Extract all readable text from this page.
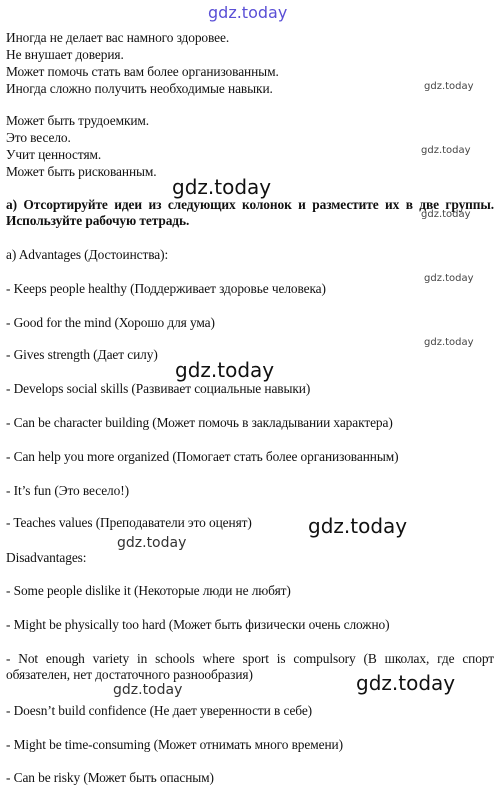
gdz.today
gdz.today
gdz.today
gdz.today
gdz.today
gdz.today
gdz.today
gdz.today
gdz.today
gdz.today
gdz.today
gdz.today
Иногда не делает вас намного здоровее.
Не внушает доверия.
Может помочь стать вам более организованным.
Иногда сложно получить необходимые навыки.
Может быть трудоемким.
Это весело.
Учит ценностям.
Может быть рискованным.
a) Отсортируйте идеи из следующих колонок и разместите их в две группы. Используйте рабочую тетрадь.
a) Advantages (Достоинства):
- Keeps people healthy (Поддерживает здоровье человека)
- Good for the mind (Хорошо для ума)
- Gives strength (Дает силу)
- Develops social skills (Развивает социальные навыки)
- Can be character building (Может помочь в закладывании характера)
- Can help you more organized (Помогает стать более организованным)
- It’s fun (Это весело!)
- Teaches values (Преподаватели это оценят)
Disadvantages:
- Some people dislike it (Некоторые люди не любят)
- Might be physically too hard (Может быть физически очень сложно)
- Not enough variety in schools where sport is compulsory (В школах, где спорт обязателен, нет достаточного разнообразия)
- Doesn’t build confidence (Не дает уверенности в себе)
- Might be time-consuming (Может отнимать много времени)
- Can be risky (Может быть опасным)
